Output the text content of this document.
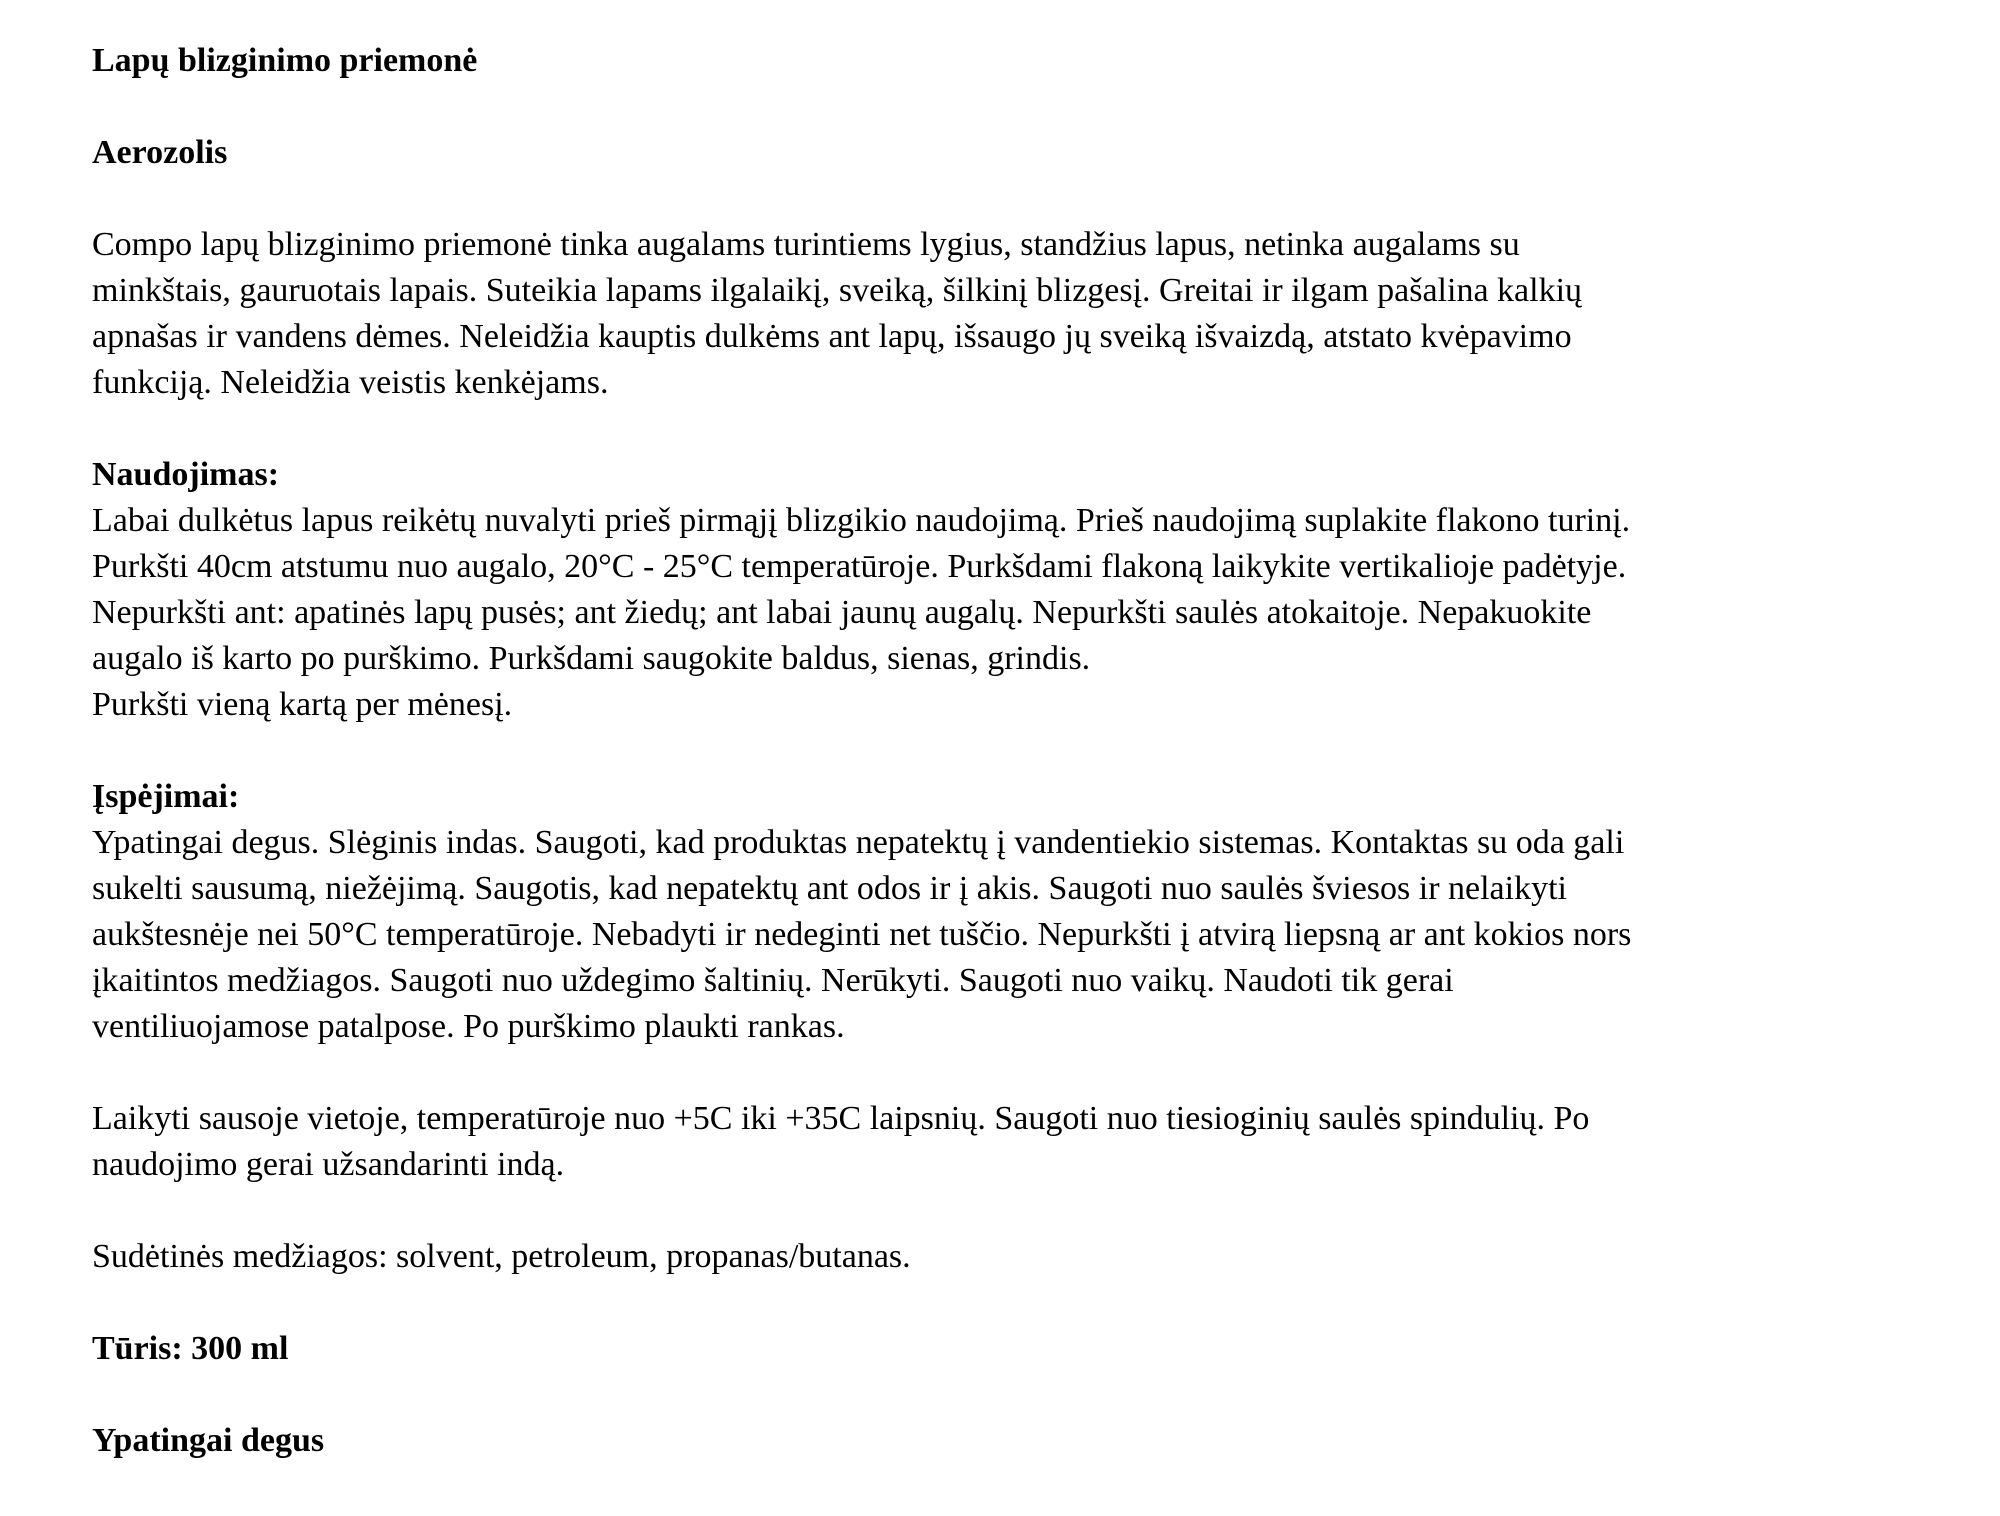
Lapų blizginimo priemonė

Aerozolis

Compo lapų blizginimo priemonė tinka augalams turintiems lygius, standžius lapus, netinka augalams su

minkštais, gauruotais lapais. Suteikia lapams ilgalaikį, sveiką, šilkinį blizgesį. Greitai ir ilgam pašalina kalkių

apnašas ir vandens dėmes. Neleidžia kauptis dulkėms ant lapų, išsaugo jų sveiką išvaizdą, atstato kvėpavimo

funkciją. Neleidžia veistis kenkėjams.

Naudojimas:

Labai dulkėtus lapus reikėtų nuvalyti prieš pirmąjį blizgikio naudojimą. Prieš naudojimą suplakite flakono turinį.

Purkšti 40cm atstumu nuo augalo, 20°C - 25°C temperatūroje. Purkšdami flakoną laikykite vertikalioje padėtyje.

Nepurkšti ant: apatinės lapų pusės; ant žiedų; ant labai jaunų augalų. Nepurkšti saulės atokaitoje. Nepakuokite

augalo iš karto po purškimo. Purkšdami saugokite baldus, sienas, grindis.

Purkšti vieną kartą per mėnesį.

Įspėjimai:

Ypatingai degus. Slėginis indas. Saugoti, kad produktas nepatektų į vandentiekio sistemas. Kontaktas su oda gali

sukelti sausumą, niežėjimą. Saugotis, kad nepatektų ant odos ir į akis. Saugoti nuo saulės šviesos ir nelaikyti

aukštesnėje nei 50°C temperatūroje. Nebadyti ir nedeginti net tuščio. Nepurkšti į atvirą liepsną ar ant kokios nors

įkaitintos medžiagos. Saugoti nuo uždegimo šaltinių. Nerūkyti. Saugoti nuo vaikų. Naudoti tik gerai

ventiliuojamose patalpose. Po purškimo plaukti rankas.

Laikyti sausoje vietoje, temperatūroje nuo +5C iki +35C laipsnių. Saugoti nuo tiesioginių saulės spindulių. Po

naudojimo gerai užsandarinti indą.

Sudėtinės medžiagos: solvent, petroleum, propanas/butanas.

Tūris: 300 ml

Ypatingai degus
